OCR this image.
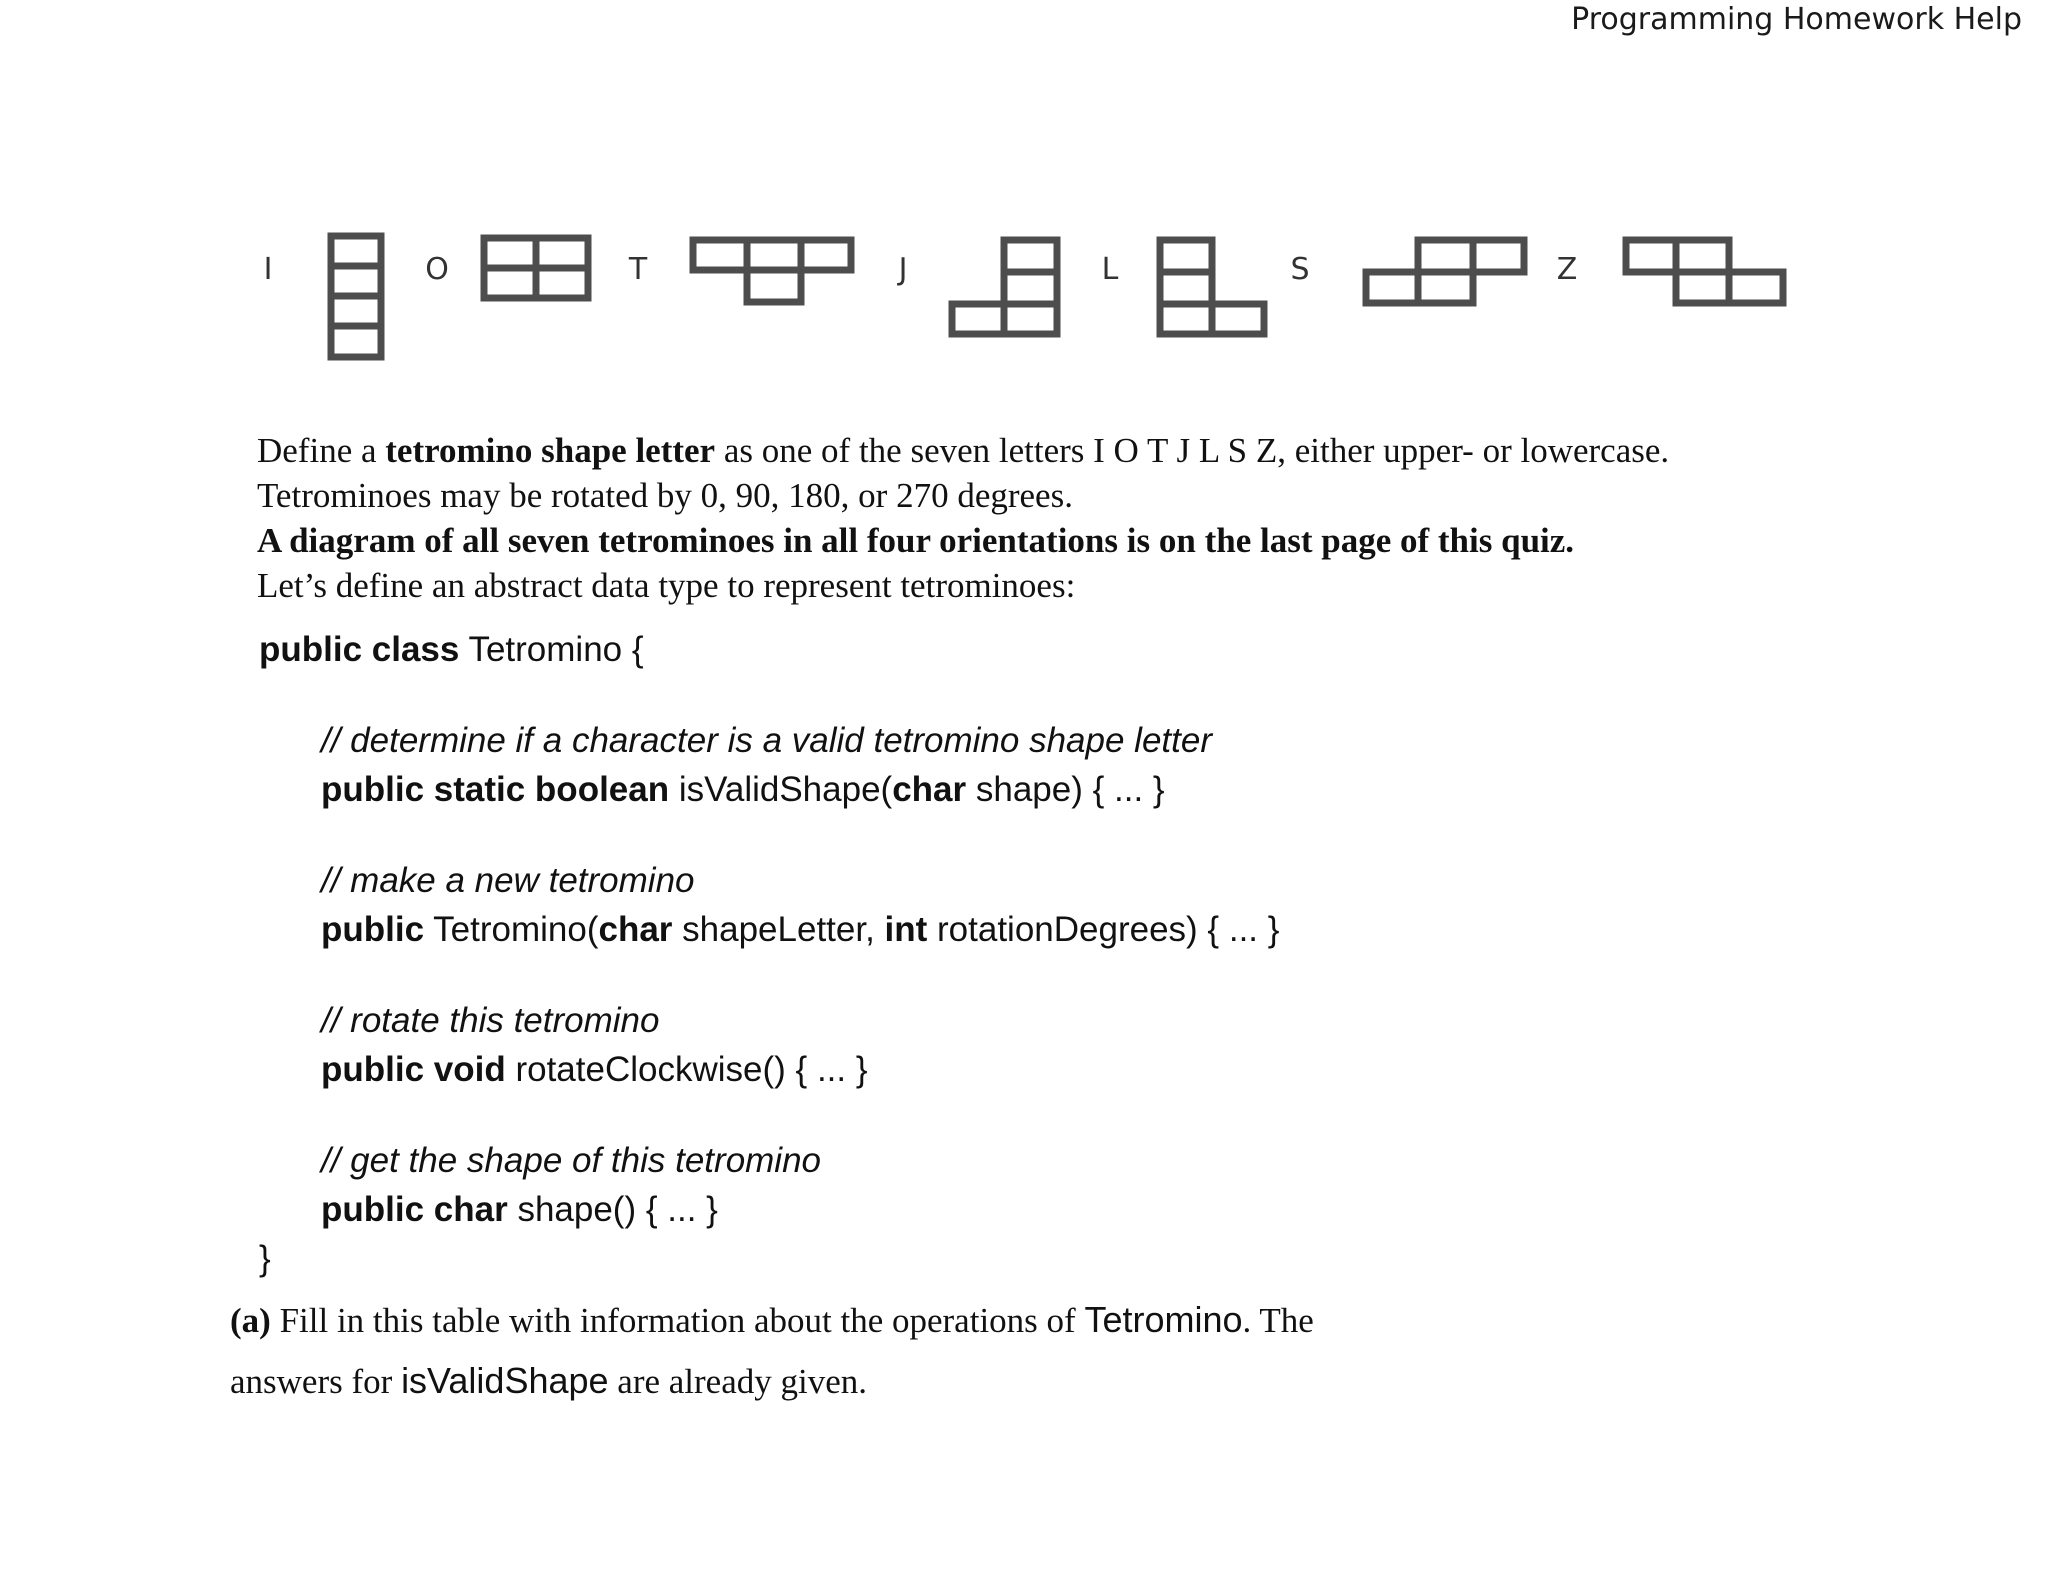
Programming Homework Help
I	O	T	J	L	S	Z

Define a tetromino shape letter as one of the seven letters I O T J L S Z, either upper- or lowercase.

Tetrominoes may be rotated by 0, 90, 180, or 270 degrees.

A diagram of all seven tetrominoes in all four orientations is on the last page of this quiz.

Let’s define an abstract data type to represent tetrominoes:

public class Tetromino {
// determine if a character is a valid tetromino shape letter
public static boolean isValidShape(char shape) { ... }
// make a new tetromino
public Tetromino(char shapeLetter, int rotationDegrees) { ... }
// rotate this tetromino
public void rotateClockwise() { ... }
// get the shape of this tetromino
public char shape() { ... }
}

(a) Fill in this table with information about the operations of Tetromino. The

answers for isValidShape are already given.
